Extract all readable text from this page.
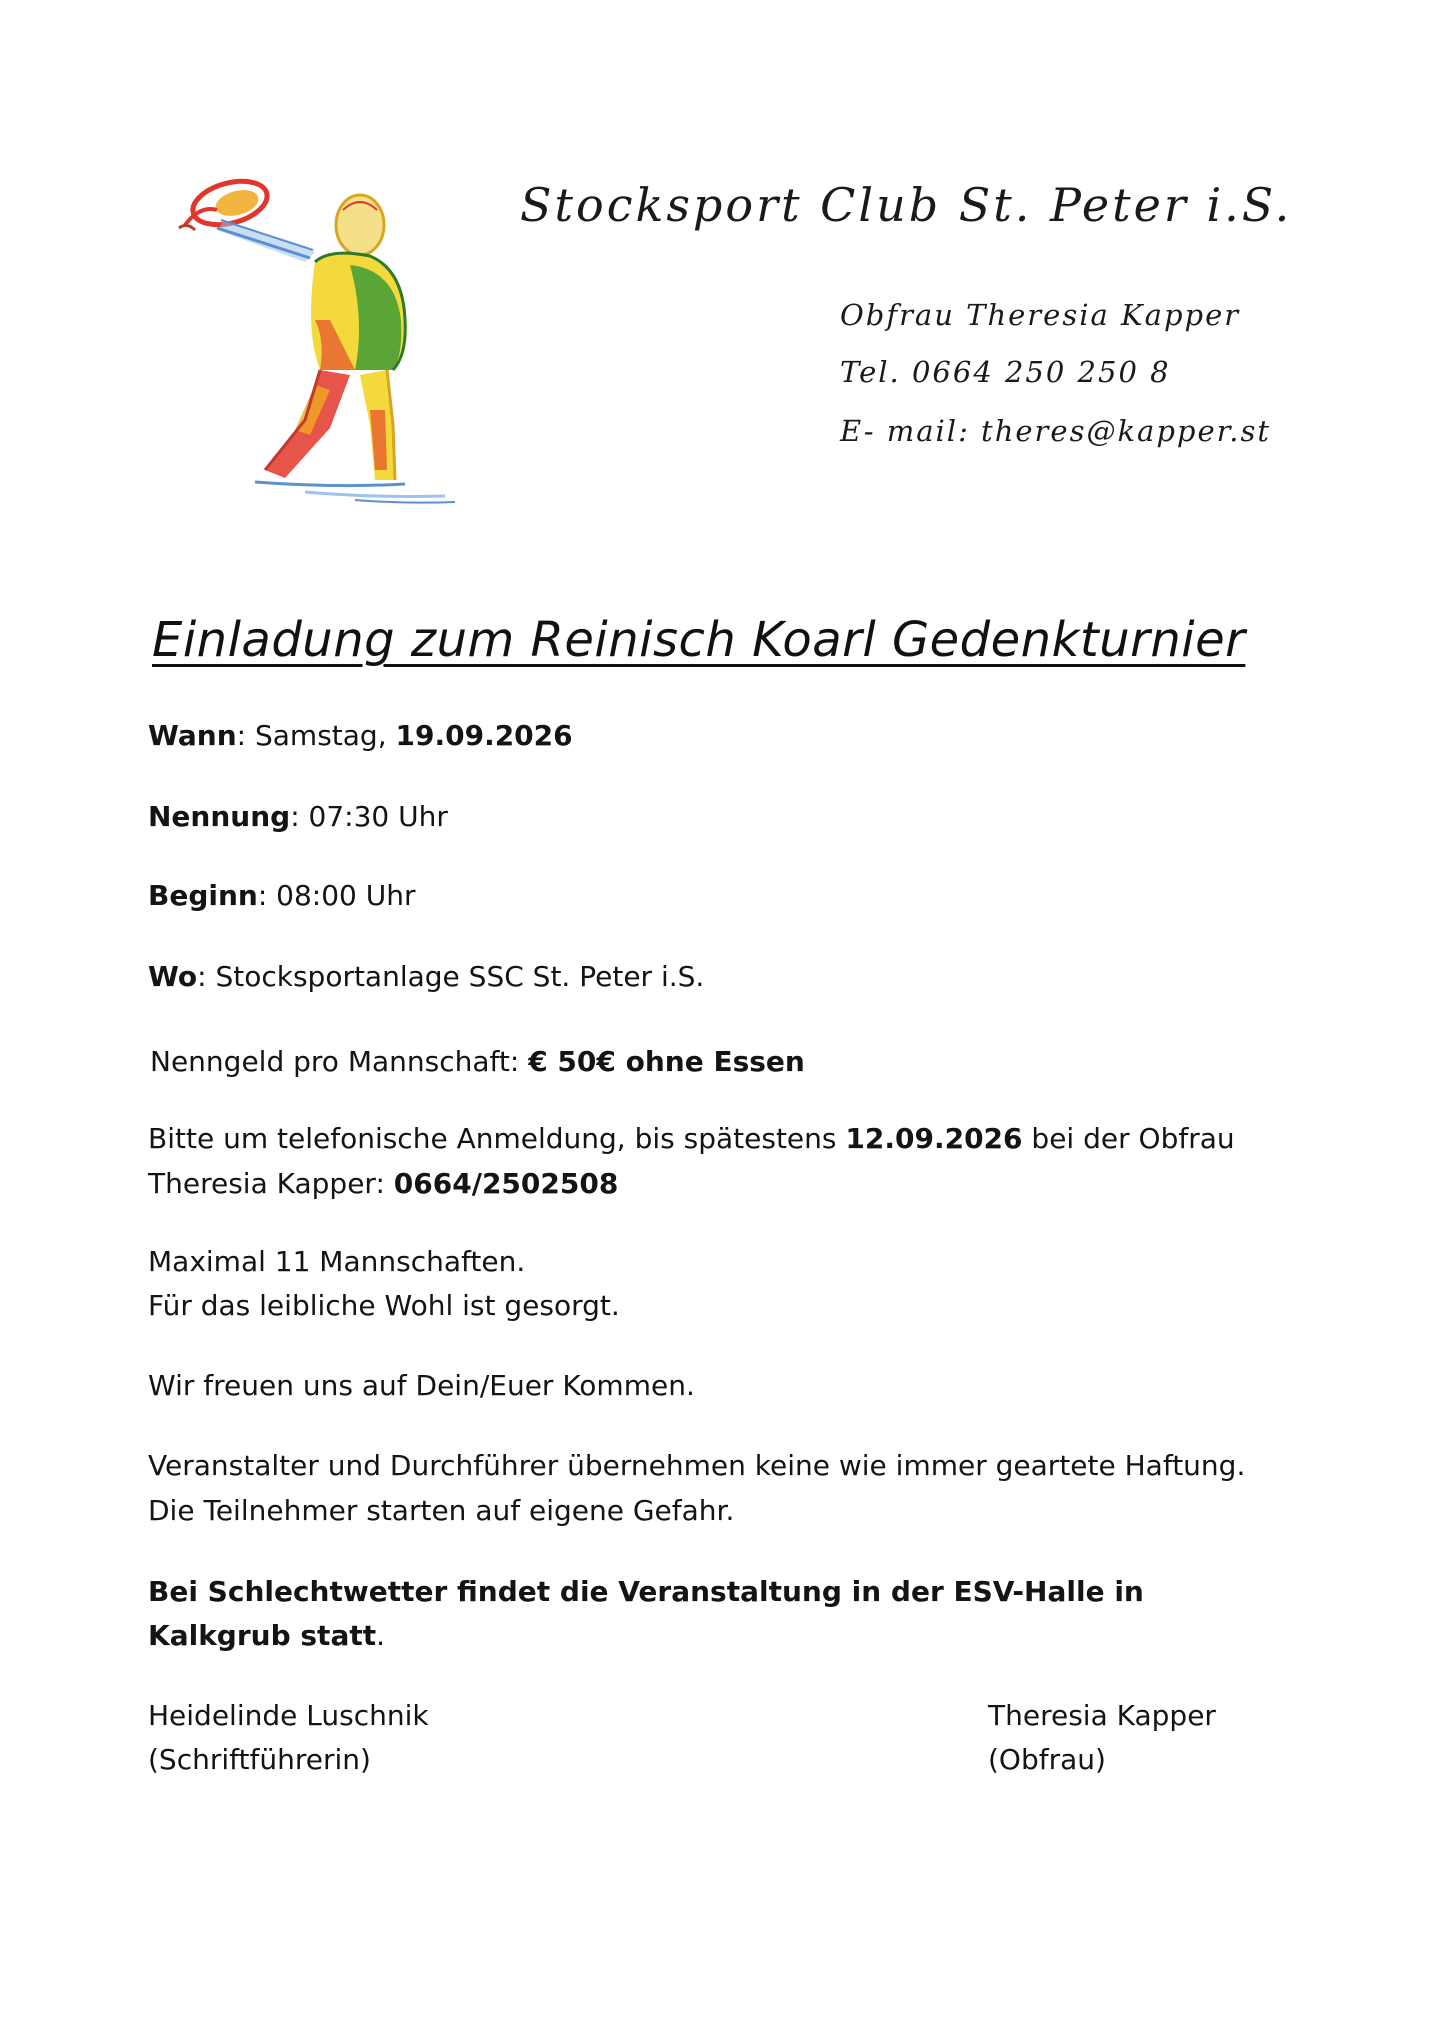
Stocksport Club St. Peter i.S.
Obfrau Theresia Kapper
Tel. 0664 250 250 8
E- mail: theres@kapper.st
Einladung zum Reinisch Koarl Gedenkturnier
Wann: Samstag, 19.09.2026
Nennung: 07:30 Uhr
Beginn: 08:00 Uhr
Wo: Stocksportanlage SSC St. Peter i.S.
Nenngeld pro Mannschaft: € 50€ ohne Essen
Bitte um telefonische Anmeldung, bis spätestens 12.09.2026 bei der Obfrau
Theresia Kapper: 0664/2502508
Maximal 11 Mannschaften.
Für das leibliche Wohl ist gesorgt.
Wir freuen uns auf Dein/Euer Kommen.
Veranstalter und Durchführer übernehmen keine wie immer geartete Haftung.
Die Teilnehmer starten auf eigene Gefahr.
Bei Schlechtwetter findet die Veranstaltung in der ESV-Halle in
Kalkgrub statt.
Heidelinde Luschnik
(Schriftführerin)
Theresia Kapper
(Obfrau)
